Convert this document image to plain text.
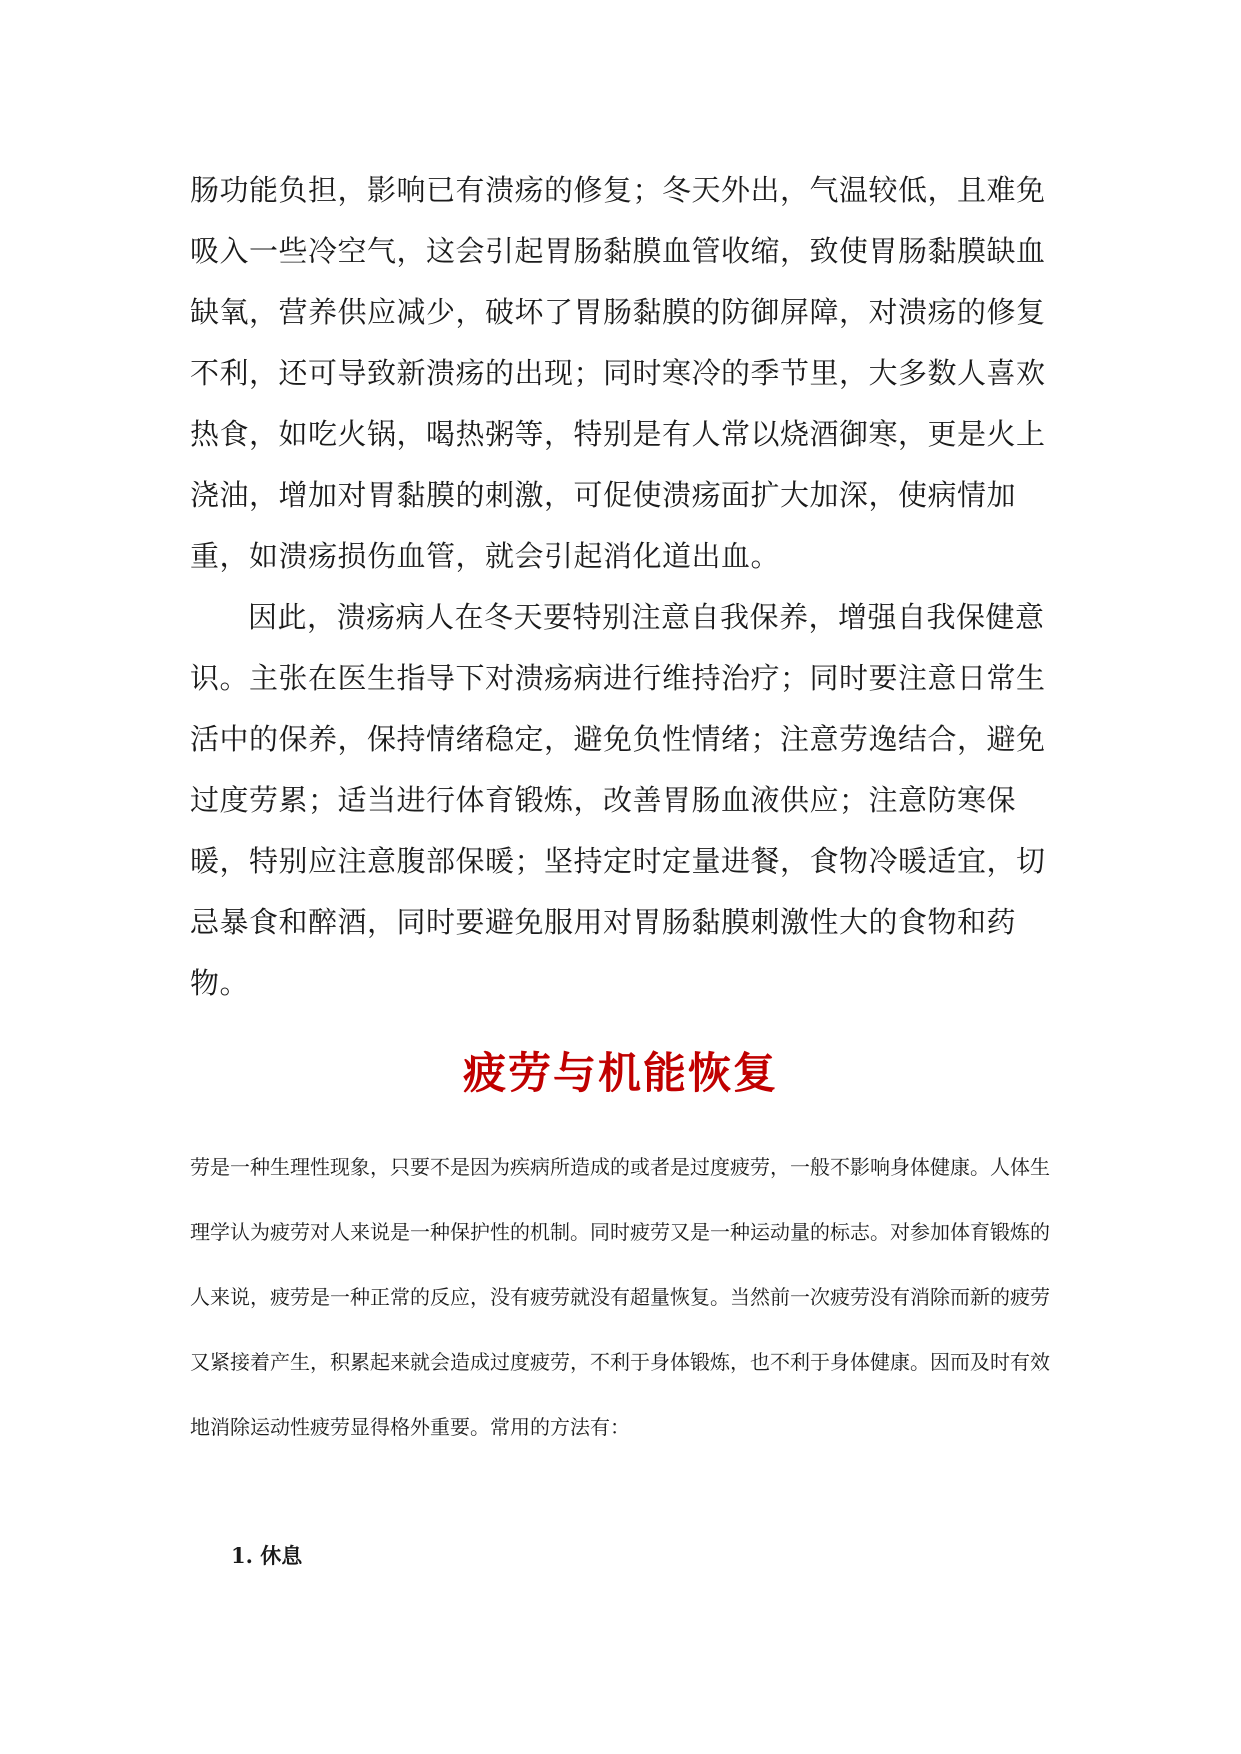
肠功能负担，影响已有溃疡的修复；冬天外出，气温较低，且难免吸入一些冷空气，这会引起胃肠黏膜血管收缩，致使胃肠黏膜缺血缺氧，营养供应减少，破坏了胃肠黏膜的防御屏障，对溃疡的修复不利，还可导致新溃疡的出现；同时寒冷的季节里，大多数人喜欢热食，如吃火锅，喝热粥等，特别是有人常以烧酒御寒，更是火上浇油，增加对胃黏膜的刺激，可促使溃疡面扩大加深，使病情加重，如溃疡损伤血管，就会引起消化道出血。

因此，溃疡病人在冬天要特别注意自我保养，增强自我保健意识。主张在医生指导下对溃疡病进行维持治疗；同时要注意日常生活中的保养，保持情绪稳定，避免负性情绪；注意劳逸结合，避免过度劳累；适当进行体育锻炼，改善胃肠血液供应；注意防寒保暖，特别应注意腹部保暖；坚持定时定量进餐，食物冷暖适宜，切忌暴食和醉酒，同时要避免服用对胃肠黏膜刺激性大的食物和药物。

疲劳与机能恢复

劳是一种生理性现象，只要不是因为疾病所造成的或者是过度疲劳，一般不影响身体健康。人体生理学认为疲劳对人来说是一种保护性的机制。同时疲劳又是一种运动量的标志。对参加体育锻炼的人来说，疲劳是一种正常的反应，没有疲劳就没有超量恢复。当然前一次疲劳没有消除而新的疲劳又紧接着产生，积累起来就会造成过度疲劳，不利于身体锻炼，也不利于身体健康。因而及时有效地消除运动性疲劳显得格外重要。常用的方法有：

1. 休息
